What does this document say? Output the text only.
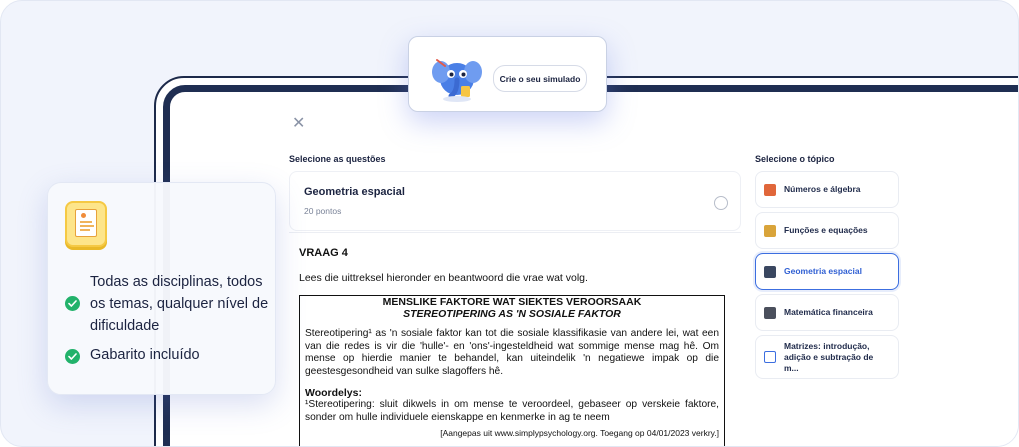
✕
Selecione as questões	Selecione o tópico
Geometria espacial
20 pontos
VRAAG 4
Lees die uittreksel hieronder en beantwoord die vrae wat volg.
MENSLIKE FAKTORE WAT SIEKTES VEROORSAAK
STEREOTIPERING AS 'N SOSIALE FAKTOR
Stereotipering¹ as 'n sosiale faktor kan tot die sosiale klassifikasie van andere lei, wat een van die redes is vir die 'hulle'- en 'ons'-ingesteldheid wat sommige mense mag hê. Om mense op hierdie manier te behandel, kan uiteindelik 'n negatiewe impak op die geestesgesondheid van sulke slagoffers hê.
Woordelys:
¹Stereotipering: sluit dikwels in om mense te veroordeel, gebaseer op verskeie faktore, sonder om hulle individuele eienskappe en kenmerke in ag te neem
[Aangepas uit www.simplypsychology.org. Toegang op 04/01/2023 verkry.]
Números e álgebra
Funções e equações
Geometria espacial
Matemática financeira
Matrizes: introdução, adição e subtração de m...
Crie o seu simulado
Todas as disciplinas, todos os temas, qualquer nível de dificuldade
Gabarito incluído
